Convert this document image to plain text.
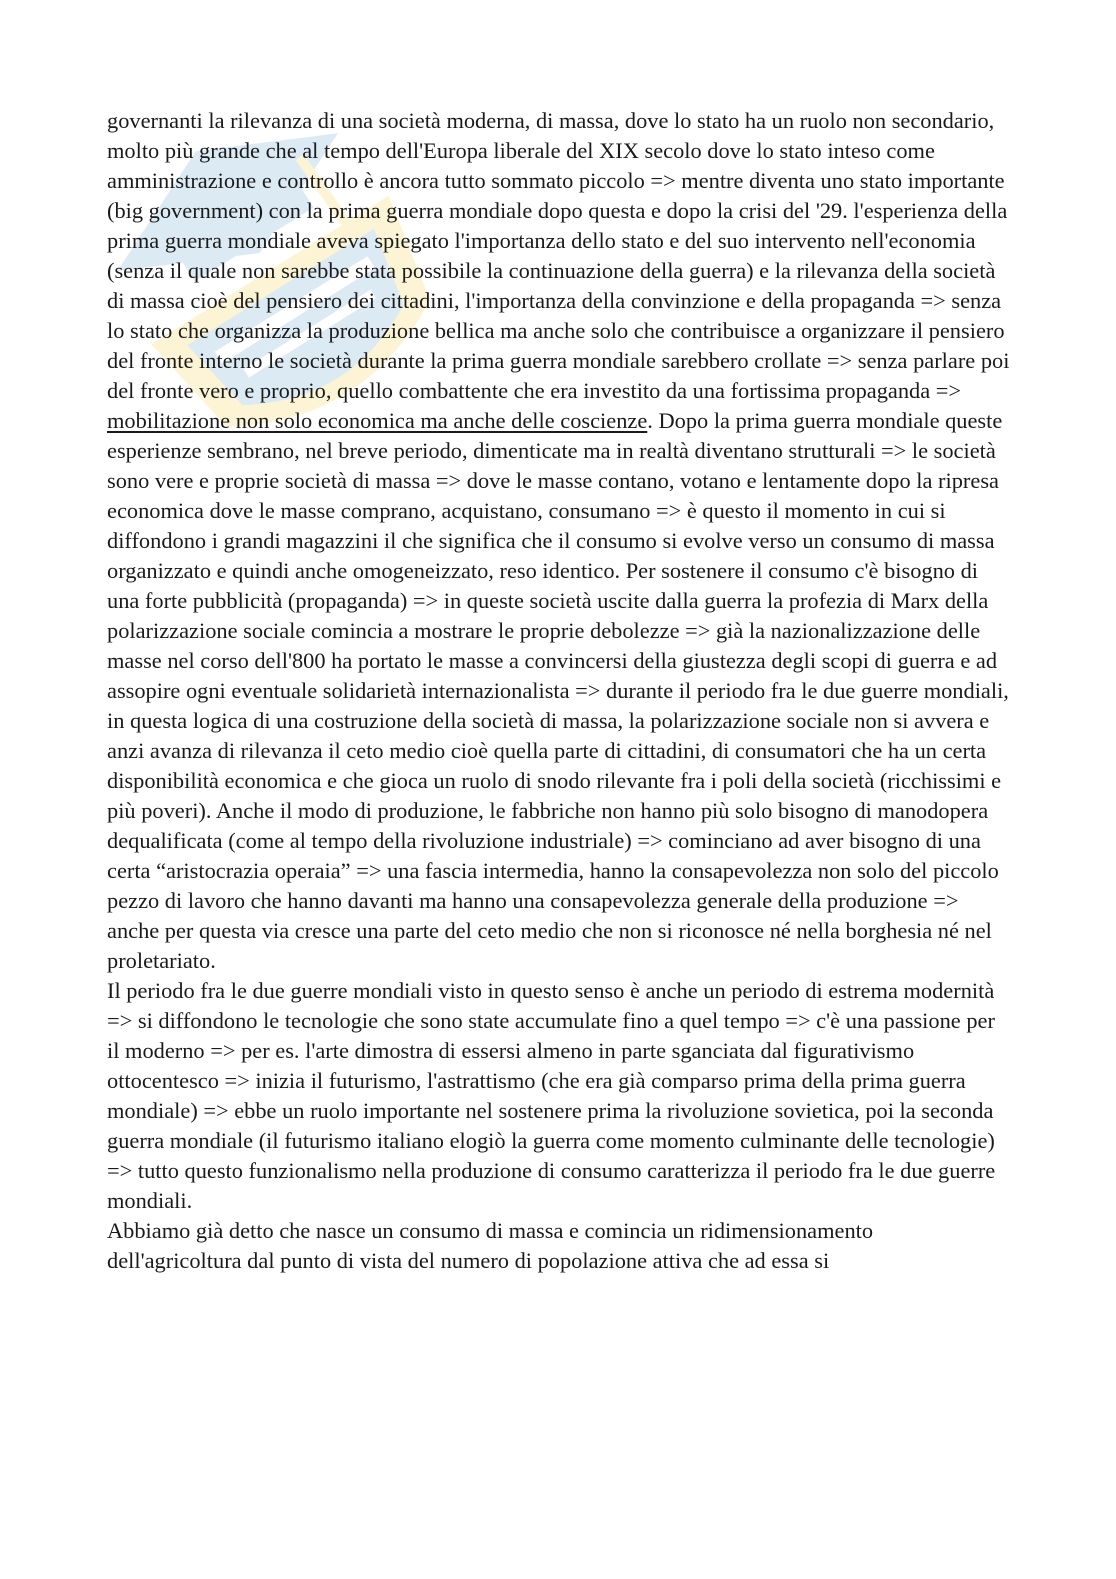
governanti la rilevanza di una società moderna, di massa, dove lo stato ha un ruolo non secondario, molto più grande che al tempo dell'Europa liberale del XIX secolo dove lo stato inteso come amministrazione e controllo è ancora tutto sommato piccolo => mentre diventa uno stato importante (big government) con la prima guerra mondiale dopo questa e dopo la crisi del '29. l'esperienza della prima guerra mondiale aveva spiegato l'importanza dello stato e del suo intervento nell'economia (senza il quale non sarebbe stata possibile la continuazione della guerra) e la rilevanza della società di massa cioè del pensiero dei cittadini, l'importanza della convinzione e della propaganda => senza lo stato che organizza la produzione bellica ma anche solo che contribuisce a organizzare il pensiero del fronte interno le società durante la prima guerra mondiale sarebbero crollate => senza parlare poi del fronte vero e proprio, quello combattente che era investito da una fortissima propaganda => mobilitazione non solo economica ma anche delle coscienze. Dopo la prima guerra mondiale queste esperienze sembrano, nel breve periodo, dimenticate ma in realtà diventano strutturali => le società sono vere e proprie società di massa => dove le masse contano, votano e lentamente dopo la ripresa economica dove le masse comprano, acquistano, consumano => è questo il momento in cui si diffondono i grandi magazzini il che significa che il consumo si evolve verso un consumo di massa organizzato e quindi anche omogeneizzato, reso identico. Per sostenere il consumo c'è bisogno di una forte pubblicità (propaganda) => in queste società uscite dalla guerra la profezia di Marx della polarizzazione sociale comincia a mostrare le proprie debolezze => già la nazionalizzazione delle masse nel corso dell'800 ha portato le masse a convincersi della giustezza degli scopi di guerra e ad assopire ogni eventuale solidarietà internazionalista => durante il periodo fra le due guerre mondiali, in questa logica di una costruzione della società di massa, la polarizzazione sociale non si avvera e anzi avanza di rilevanza il ceto medio cioè quella parte di cittadini, di consumatori che ha un certa disponibilità economica e che gioca un ruolo di snodo rilevante fra i poli della società (ricchissimi e più poveri). Anche il modo di produzione, le fabbriche non hanno più solo bisogno di manodopera dequalificata (come al tempo della rivoluzione industriale) => cominciano ad aver bisogno di una certa “aristocrazia operaia” => una fascia intermedia, hanno la consapevolezza non solo del piccolo pezzo di lavoro che hanno davanti ma hanno una consapevolezza generale della produzione => anche per questa via cresce una parte del ceto medio che non si riconosce né nella borghesia né nel proletariato.

Il periodo fra le due guerre mondiali visto in questo senso è anche un periodo di estrema modernità => si diffondono le tecnologie che sono state accumulate fino a quel tempo => c'è una passione per il moderno => per es. l'arte dimostra di essersi almeno in parte sganciata dal figurativismo ottocentesco => inizia il futurismo, l'astrattismo (che era già comparso prima della prima guerra mondiale) => ebbe un ruolo importante nel sostenere prima la rivoluzione sovietica, poi la seconda guerra mondiale (il futurismo italiano elogiò la guerra come momento culminante delle tecnologie) => tutto questo funzionalismo nella produzione di consumo caratterizza il periodo fra le due guerre mondiali.

Abbiamo già detto che nasce un consumo di massa e comincia un ridimensionamento dell'agricoltura dal punto di vista del numero di popolazione attiva che ad essa si
